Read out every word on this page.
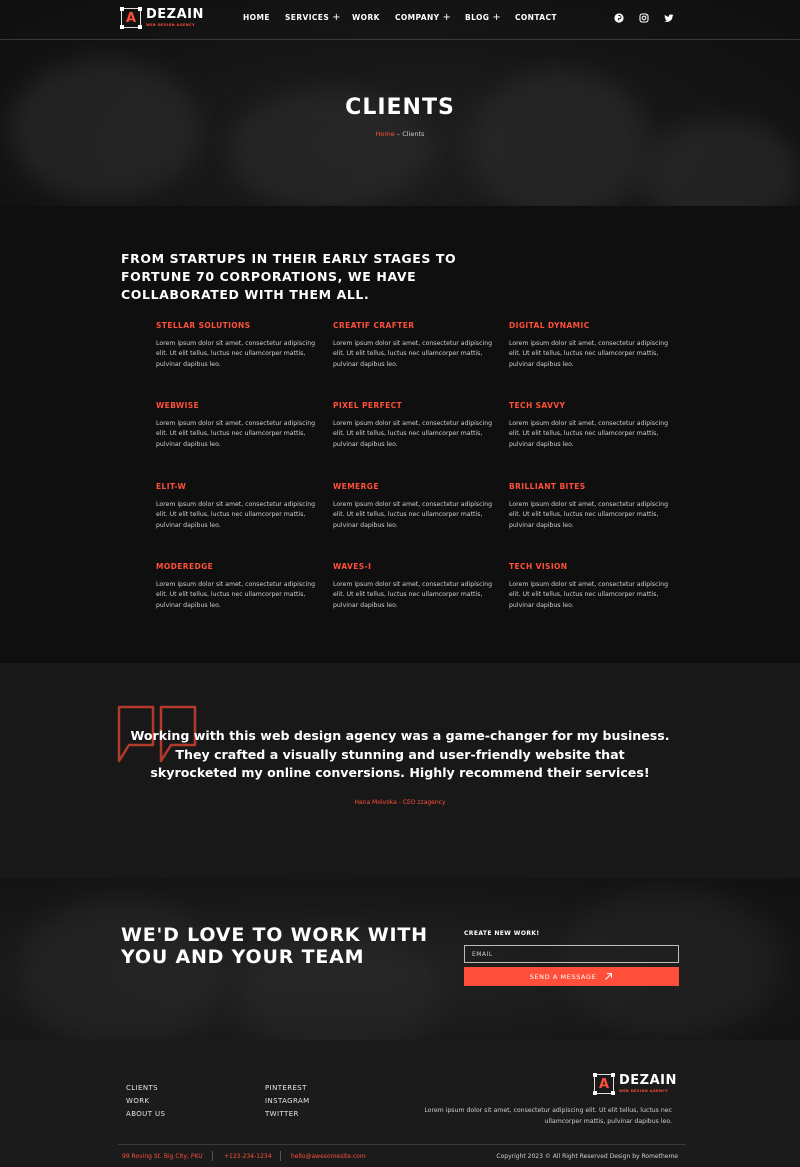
CLIENTS
Home – Clients
A DEZAIN
WEB DESIGN AGENCY
HOME SERVICES + WORK COMPANY + BLOG + CONTACT
FROM STARTUPS IN THEIR EARLY STAGES TO FORTUNE 70 CORPORATIONS, WE HAVE COLLABORATED WITH THEM ALL.
STELLAR SOLUTIONS
Lorem ipsum dolor sit amet, consectetur adipiscing elit. Ut elit tellus, luctus nec ullamcorper mattis, pulvinar dapibus leo.
CREATIF CRAFTER
Lorem ipsum dolor sit amet, consectetur adipiscing elit. Ut elit tellus, luctus nec ullamcorper mattis, pulvinar dapibus leo.
DIGITAL DYNAMIC
Lorem ipsum dolor sit amet, consectetur adipiscing elit. Ut elit tellus, luctus nec ullamcorper mattis, pulvinar dapibus leo.
WEBWISE
Lorem ipsum dolor sit amet, consectetur adipiscing elit. Ut elit tellus, luctus nec ullamcorper mattis, pulvinar dapibus leo.
PIXEL PERFECT
Lorem ipsum dolor sit amet, consectetur adipiscing elit. Ut elit tellus, luctus nec ullamcorper mattis, pulvinar dapibus leo.
TECH SAVVY
Lorem ipsum dolor sit amet, consectetur adipiscing elit. Ut elit tellus, luctus nec ullamcorper mattis, pulvinar dapibus leo.
ELIT-W
Lorem ipsum dolor sit amet, consectetur adipiscing elit. Ut elit tellus, luctus nec ullamcorper mattis, pulvinar dapibus leo.
WEMERGE
Lorem ipsum dolor sit amet, consectetur adipiscing elit. Ut elit tellus, luctus nec ullamcorper mattis, pulvinar dapibus leo.
BRILLIANT BITES
Lorem ipsum dolor sit amet, consectetur adipiscing elit. Ut elit tellus, luctus nec ullamcorper mattis, pulvinar dapibus leo.
MODEREDGE
Lorem ipsum dolor sit amet, consectetur adipiscing elit. Ut elit tellus, luctus nec ullamcorper mattis, pulvinar dapibus leo.
WAVES-I
Lorem ipsum dolor sit amet, consectetur adipiscing elit. Ut elit tellus, luctus nec ullamcorper mattis, pulvinar dapibus leo.
TECH VISION
Lorem ipsum dolor sit amet, consectetur adipiscing elit. Ut elit tellus, luctus nec ullamcorper mattis, pulvinar dapibus leo.
Working with this web design agency was a game-changer for my business. They crafted a visually stunning and user-friendly website that skyrocketed my online conversions. Highly recommend their services!
Hana Molvoka - CEO zzagency
WE'D LOVE TO WORK WITH YOU AND YOUR TEAM
CREATE NEW WORK!
EMAIL
SEND A MESSAGE
CLIENTS
WORK
ABOUT US
PINTEREST
INSTAGRAM
TWITTER
A DEZAIN
WEB DESIGN AGENCY
Lorem ipsum dolor sit amet, consectetur adipiscing elit. Ut elit tellus, luctus nec ullamcorper mattis, pulvinar dapibus leo.
99 Roving St. Big City, PKU	+123-234-1234	hello@awesomesite.com	Copyright 2023 © All Right Reserved Design by Rometheme
